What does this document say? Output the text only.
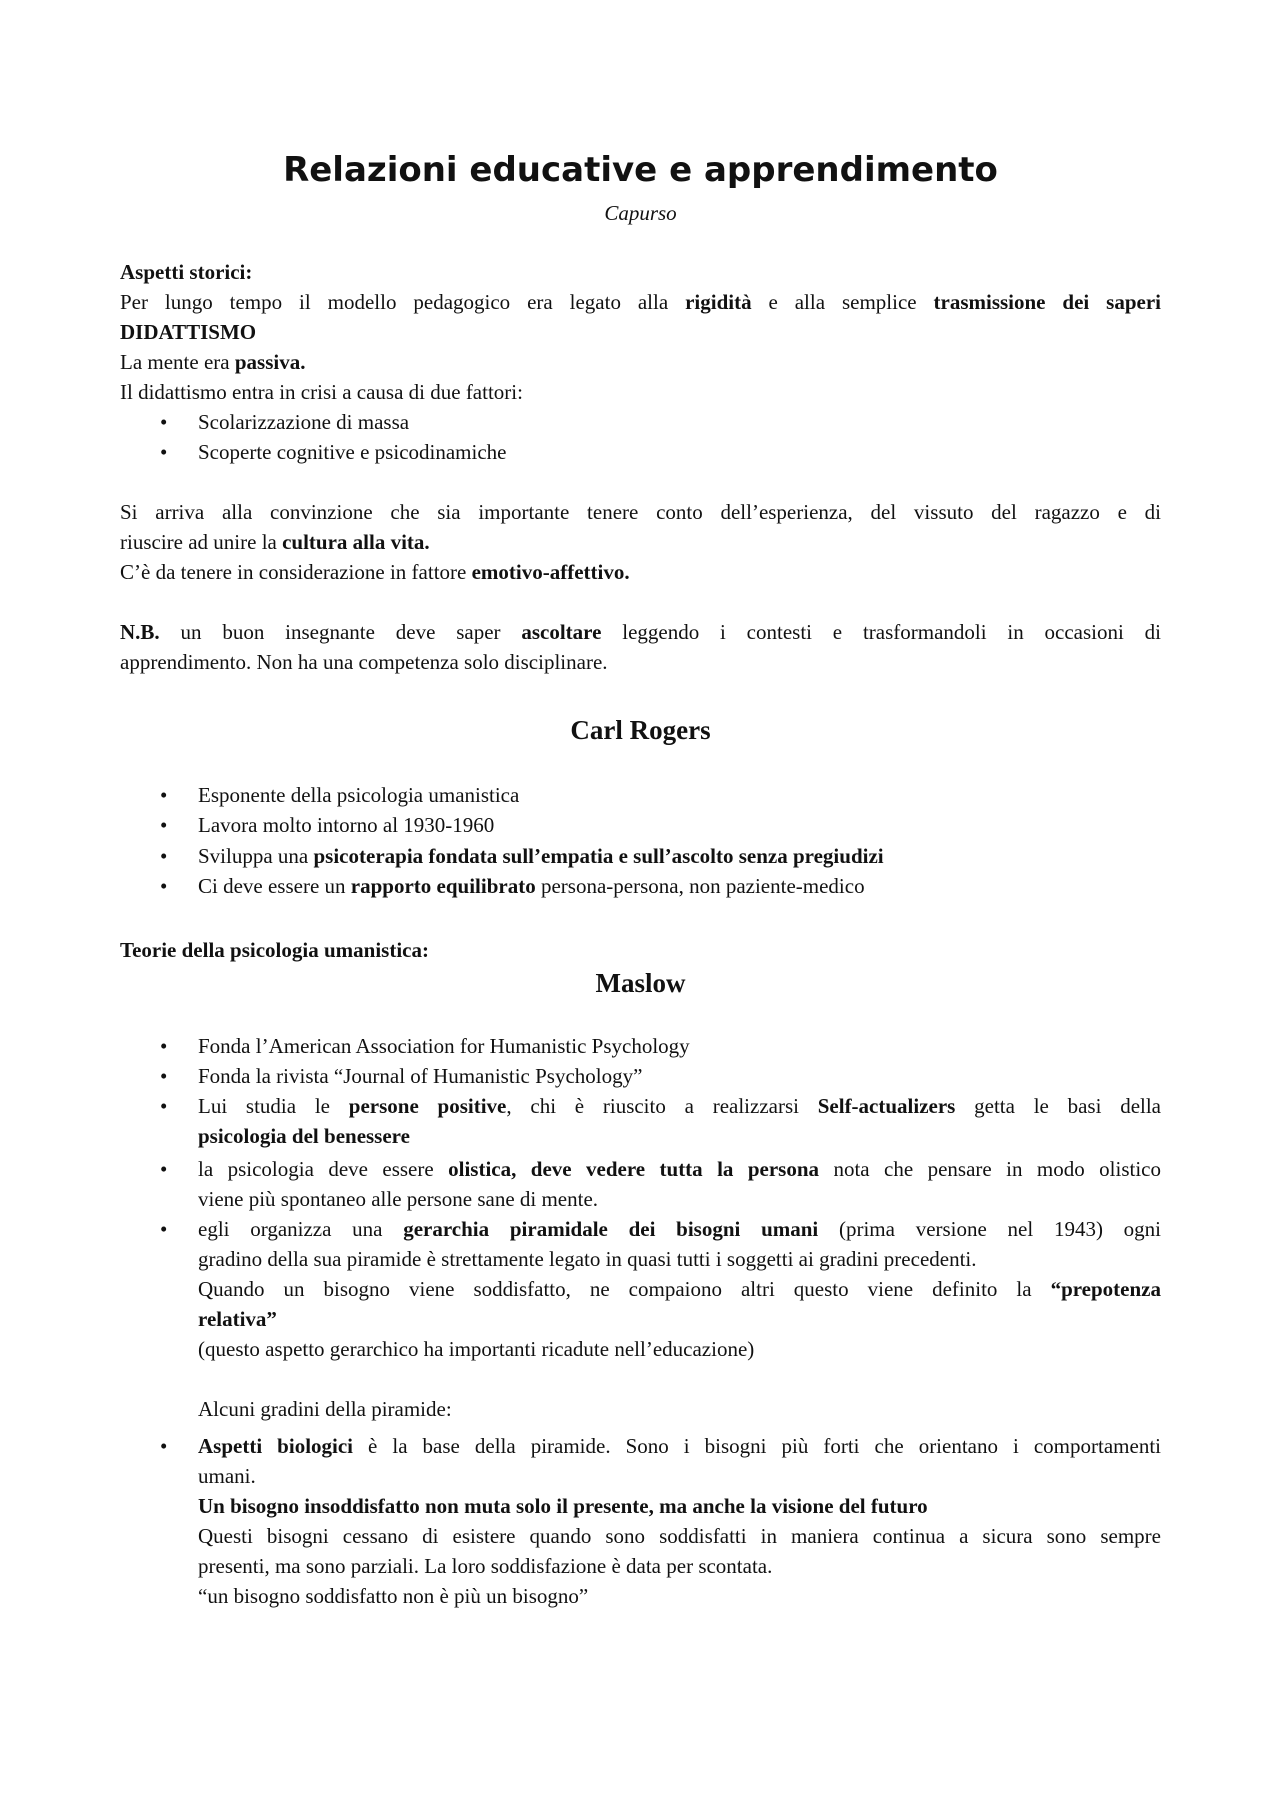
Relazioni educative e apprendimento
Capurso
Aspetti storici:
Per lungo tempo il modello pedagogico era legato alla rigidità e alla semplice trasmissione dei saperi
DIDATTISMO
La mente era passiva.
Il didattismo entra in crisi a causa di due fattori:
•	Scolarizzazione di massa
•	Scoperte cognitive e psicodinamiche
Si arriva alla convinzione che sia importante tenere conto dell’esperienza, del vissuto del ragazzo e di
riuscire ad unire la cultura alla vita.
C’è da tenere in considerazione in fattore emotivo-affettivo.
N.B. un buon insegnante deve saper ascoltare leggendo i contesti e trasformandoli in occasioni di
apprendimento. Non ha una competenza solo disciplinare.
Carl Rogers
•	Esponente della psicologia umanistica
•	Lavora molto intorno al 1930-1960
•	Sviluppa una psicoterapia fondata sull’empatia e sull’ascolto senza pregiudizi
•	Ci deve essere un rapporto equilibrato persona-persona, non paziente-medico
Teorie della psicologia umanistica:
Maslow
•	Fonda l’American Association for Humanistic Psychology
•	Fonda la rivista “Journal of Humanistic Psychology”
•	Lui studia le persone positive, chi è riuscito a realizzarsi Self-actualizers getta le basi della
psicologia del benessere
•	la psicologia deve essere olistica, deve vedere tutta la persona nota che pensare in modo olistico
viene più spontaneo alle persone sane di mente.
•	egli organizza una gerarchia piramidale dei bisogni umani (prima versione nel 1943) ogni
gradino della sua piramide è strettamente legato in quasi tutti i soggetti ai gradini precedenti.
Quando un bisogno viene soddisfatto, ne compaiono altri questo viene definito la “prepotenza
relativa”
(questo aspetto gerarchico ha importanti ricadute nell’educazione)
Alcuni gradini della piramide:
•	Aspetti biologici è la base della piramide. Sono i bisogni più forti che orientano i comportamenti
umani.
Un bisogno insoddisfatto non muta solo il presente, ma anche la visione del futuro
Questi bisogni cessano di esistere quando sono soddisfatti in maniera continua a sicura sono sempre
presenti, ma sono parziali. La loro soddisfazione è data per scontata.
“un bisogno soddisfatto non è più un bisogno”
